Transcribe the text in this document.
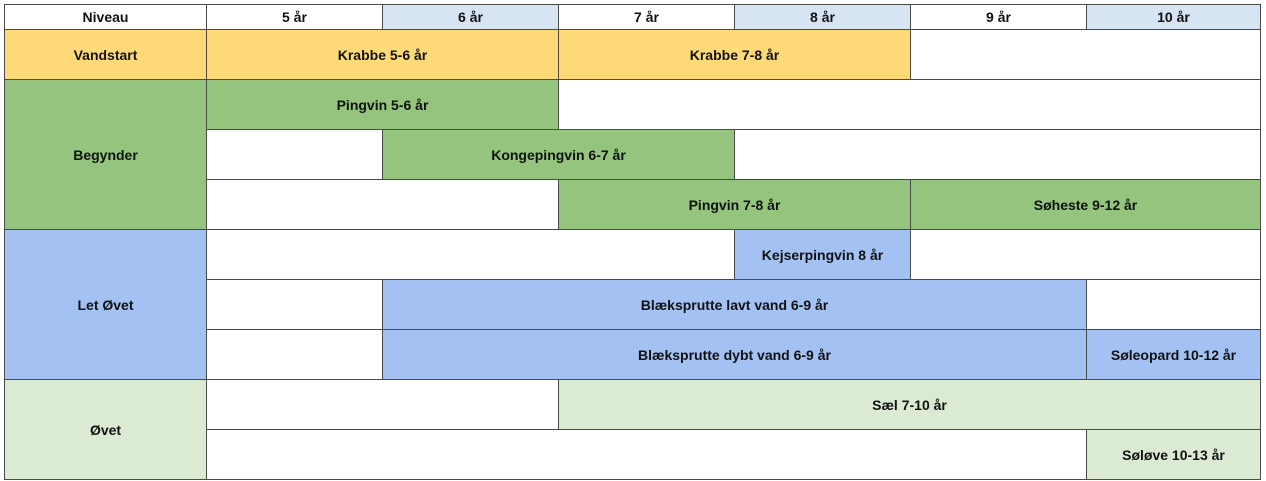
Niveau	5 år	6 år	7 år	8 år	9 år	10 år
Vandstart	Krabbe 5-6 år		Krabbe 7-8 år			
Begynder	Pingvin 5-6 år					
		Kongepingvin 6-7 år				
			Pingvin 7-8 år		Søheste 9-12 år	
Let Øvet				Kejserpingvin 8 år		
		Blæksprutte lavt vand 6-9 år				
		Blæksprutte dybt vand 6-9 år				Søleopard 10-12 år
Øvet			Sæl 7-10 år			
						Søløve 10-13 år
